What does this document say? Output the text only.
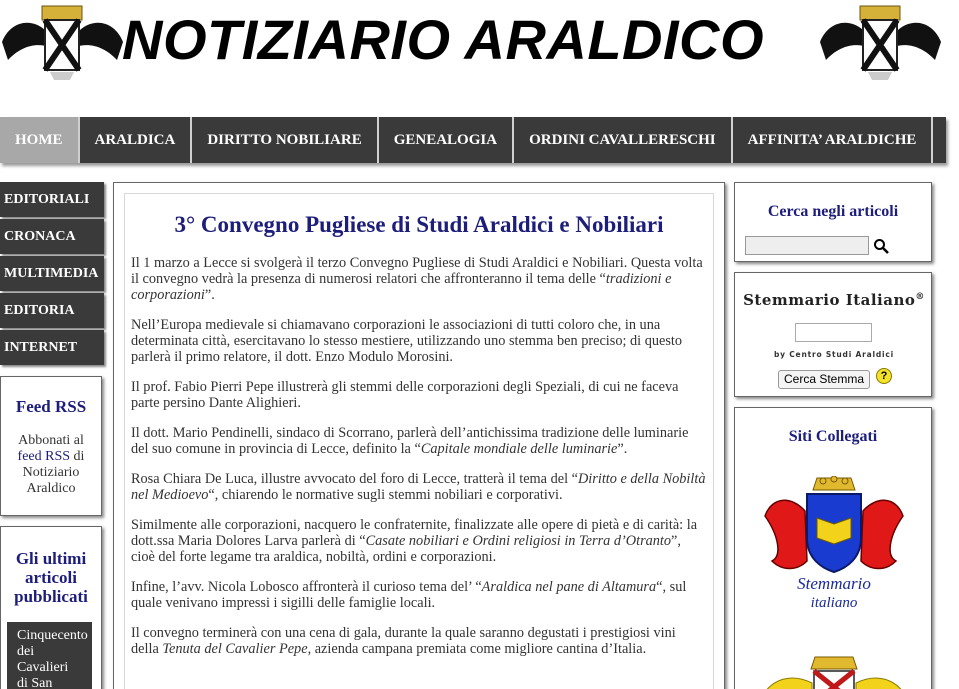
NOTIZIARIO ARALDICO
HOME	ARALDICA	DIRITTO NOBILIARE	GENEALOGIA	ORDINI CAVALLERESCHI	AFFINITA’ ARALDICHE
EDITORIALI
CRONACA
MULTIMEDIA
EDITORIA
INTERNET
Feed RSS

Abbonati al feed RSS di Notiziario Araldico

Gli ultimi articoli pubblicati
Cinquecento dei Cavalieri di San
3° Convegno Pugliese di Studi Araldici e Nobiliari

Il 1 marzo a Lecce si svolgerà il terzo Convegno Pugliese di Studi Araldici e Nobiliari. Questa volta il convegno vedrà la presenza di numerosi relatori che affronteranno il tema delle “tradizioni e corporazioni”.

Nell’Europa medievale si chiamavano corporazioni le associazioni di tutti coloro che, in una determinata città, esercitavano lo stesso mestiere, utilizzando uno stemma ben preciso; di questo parlerà il primo relatore, il dott. Enzo Modulo Morosini.

Il prof. Fabio Pierri Pepe illustrerà gli stemmi delle corporazioni degli Speziali, di cui ne faceva parte persino Dante Alighieri.

Il dott. Mario Pendinelli, sindaco di Scorrano, parlerà dell’antichissima tradizione delle luminarie del suo comune in provincia di Lecce, definito la “Capitale mondiale delle luminarie”.

Rosa Chiara De Luca, illustre avvocato del foro di Lecce, tratterà il tema del “Diritto e della Nobiltà nel Medioevo“, chiarendo le normative sugli stemmi nobiliari e corporativi.

Similmente alle corporazioni, nacquero le confraternite, finalizzate alle opere di pietà e di carità: la dott.ssa Maria Dolores Larva parlerà di “Casate nobiliari e Ordini religiosi in Terra d’Otranto”, cioè del forte legame tra araldica, nobiltà, ordini e corporazioni.

Infine, l’avv. Nicola Lobosco affronterà il curioso tema del’ “Araldica nel pane di Altamura“, sul quale venivano impressi i sigilli delle famiglie locali.

Il convegno terminerà con una cena di gala, durante la quale saranno degustati i prestigiosi vini della Tenuta del Cavalier Pepe, azienda campana premiata come migliore cantina d’Italia.

Cerca negli articoli
Stemmario Italiano®
by Centro Studi Araldici
Cerca Stemma	?
Siti Collegati
Stemmario
italiano
